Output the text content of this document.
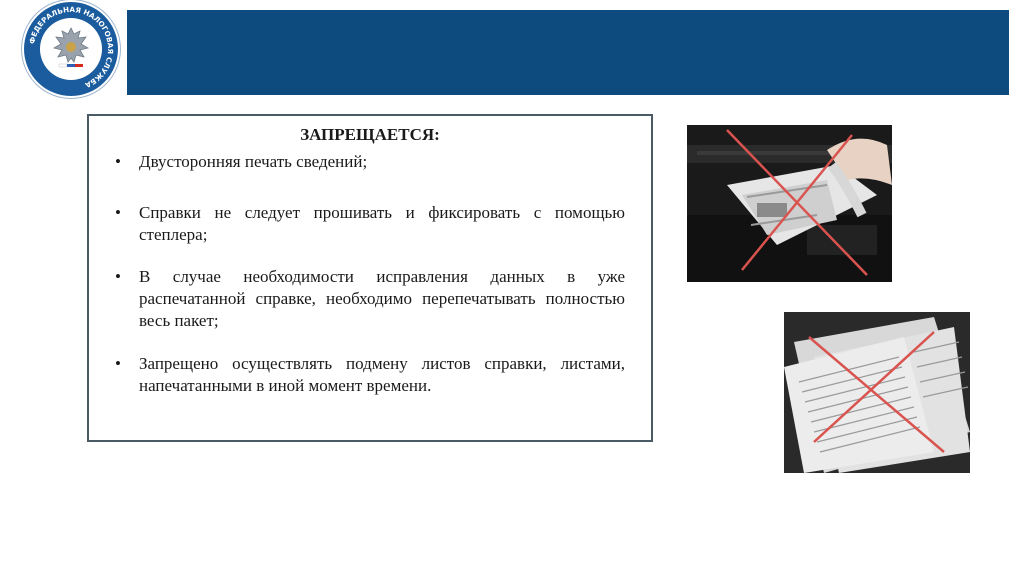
ФЕДЕРАЛЬНАЯ НАЛОГОВАЯ СЛУЖБА
ЗАПРЕЩАЕТСЯ:
• Двусторонняя печать сведений;
• Справки не следует прошивать и фиксировать с помощью степлера;
• В случае необходимости исправления данных в уже распечатанной справке, необходимо перепечатывать полностью весь пакет;
• Запрещено осуществлять подмену листов справки, листами, напечатанными в иной момент времени.
